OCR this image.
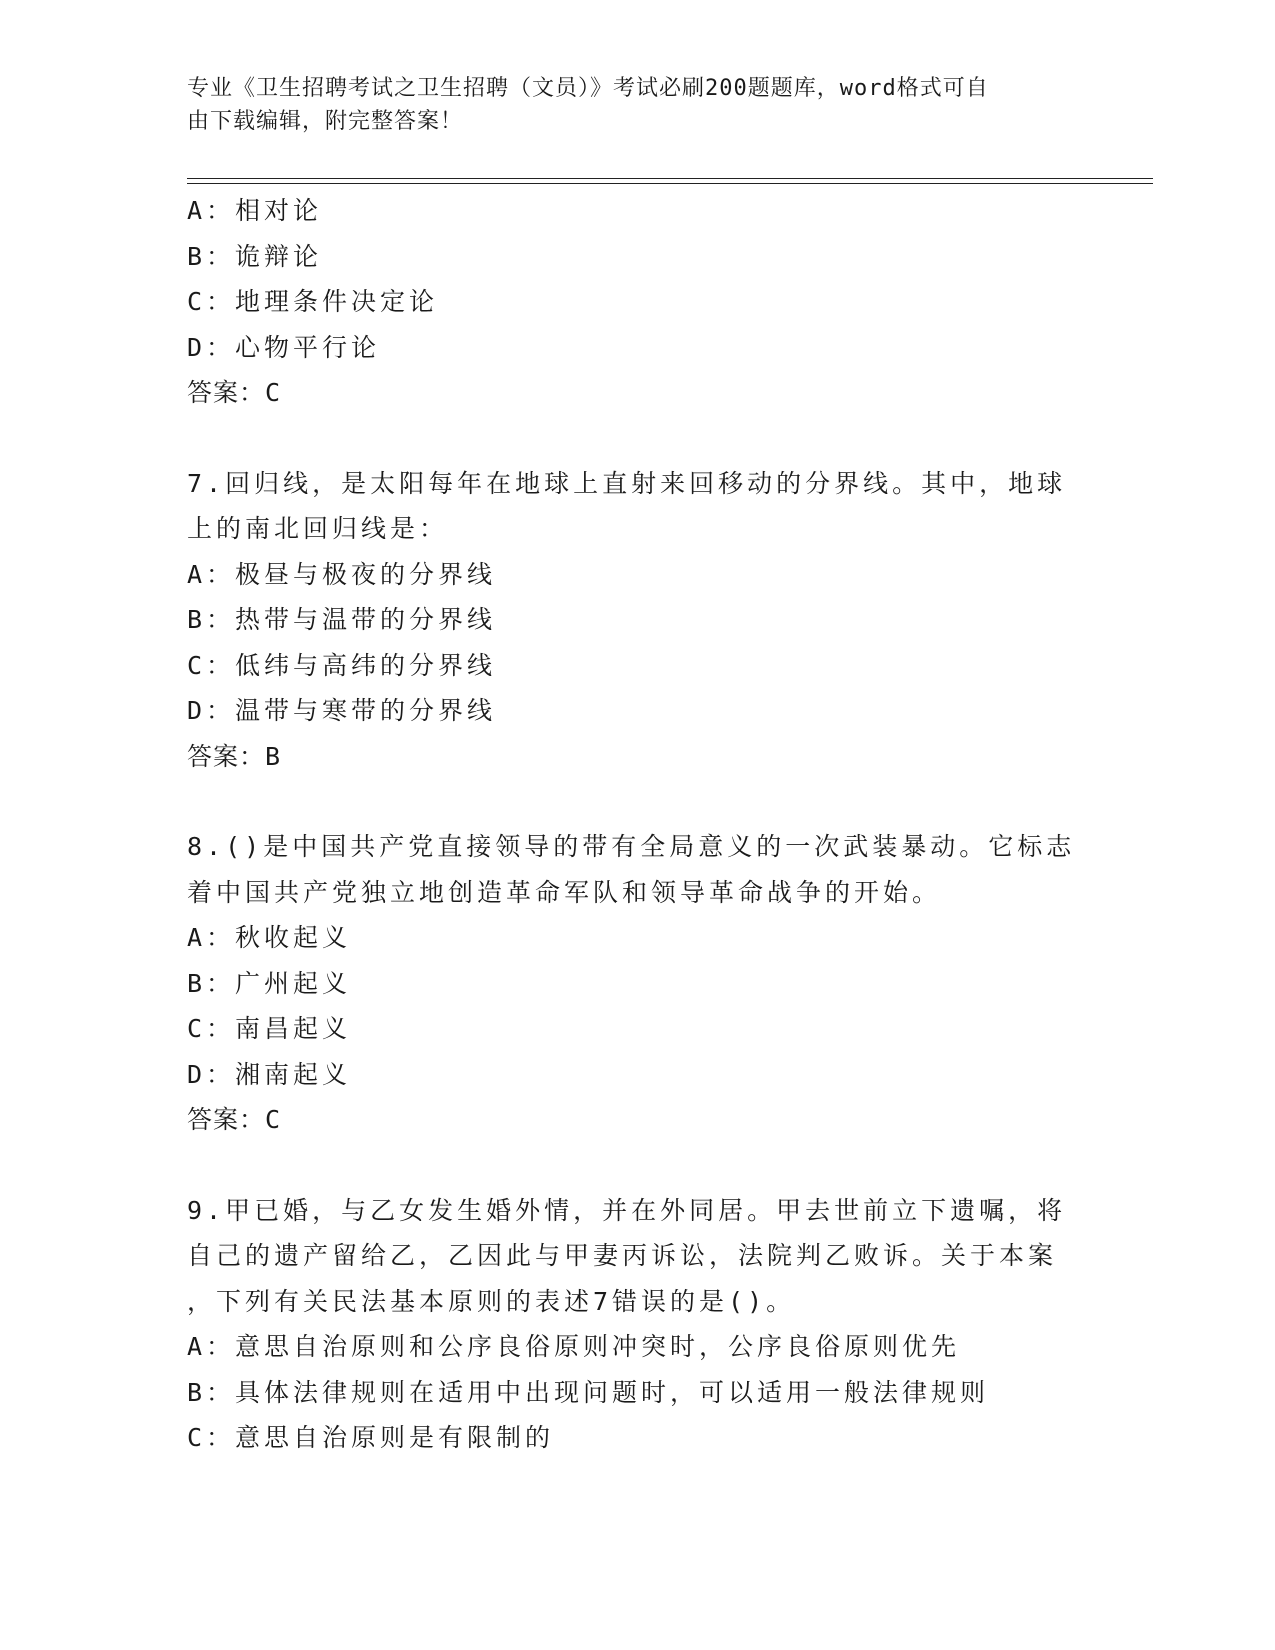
专业《卫生招聘考试之卫生招聘（文员）》考试必刷200题题库，word格式可自
由下载编辑，附完整答案！
A：相对论
B：诡辩论
C：地理条件决定论
D：心物平行论
答案：C
7.回归线，是太阳每年在地球上直射来回移动的分界线。其中，地球
上的南北回归线是：
A：极昼与极夜的分界线
B：热带与温带的分界线
C：低纬与高纬的分界线
D：温带与寒带的分界线
答案：B
8.()是中国共产党直接领导的带有全局意义的一次武装暴动。它标志
着中国共产党独立地创造革命军队和领导革命战争的开始。
A：秋收起义
B：广州起义
C：南昌起义
D：湘南起义
答案：C
9.甲已婚，与乙女发生婚外情，并在外同居。甲去世前立下遗嘱，将
自己的遗产留给乙，乙因此与甲妻丙诉讼，法院判乙败诉。关于本案
，下列有关民法基本原则的表述7错误的是()。
A：意思自治原则和公序良俗原则冲突时，公序良俗原则优先
B：具体法律规则在适用中出现问题时，可以适用一般法律规则
C：意思自治原则是有限制的
